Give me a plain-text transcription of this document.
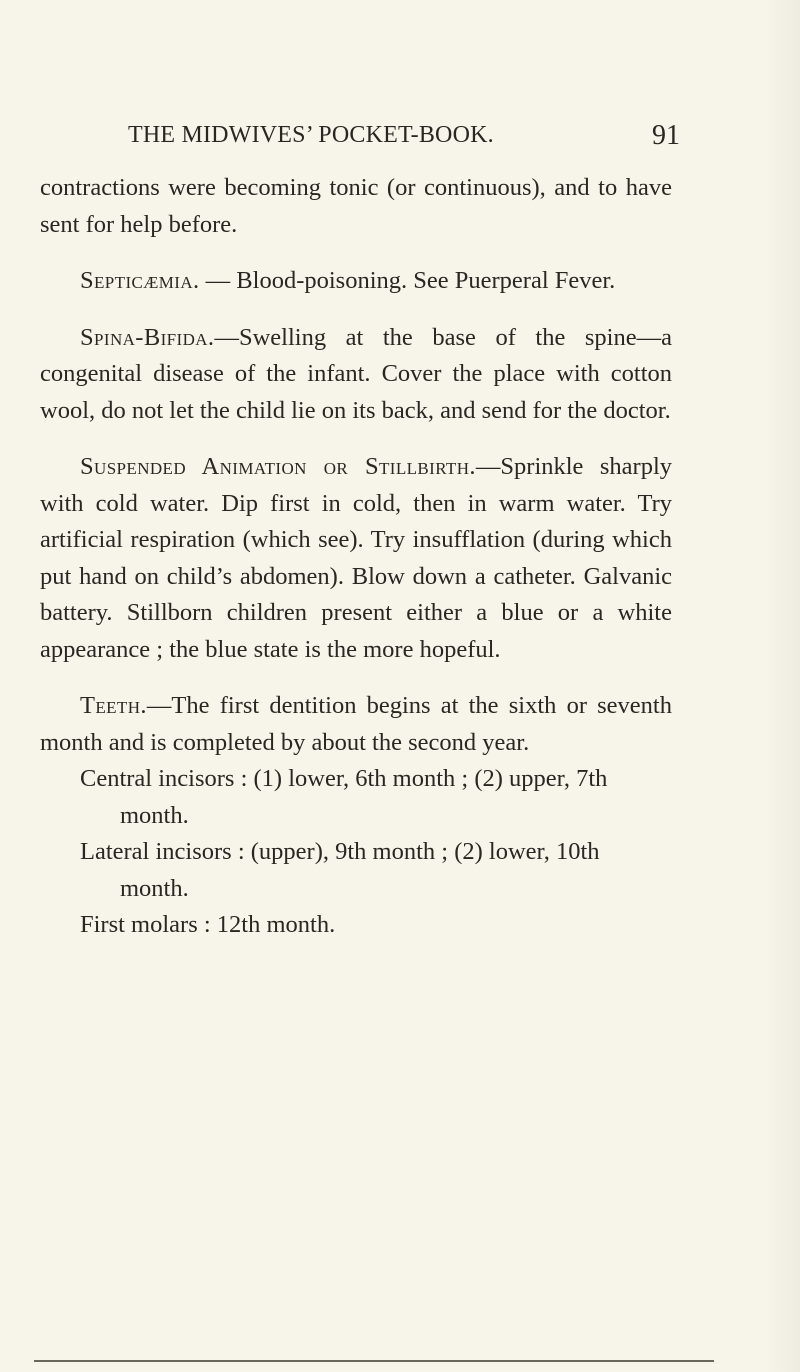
THE MIDWIVES’ POCKET-BOOK.	91

contractions were becoming tonic (or continuous), and to have sent for help before.

Septicæmia. — Blood-poisoning. See Puerperal Fever.

Spina-Bifida.—Swelling at the base of the spine—a congenital disease of the infant. Cover the place with cotton wool, do not let the child lie on its back, and send for the doctor.

Suspended Animation or Stillbirth.—Sprinkle sharply with cold water. Dip first in cold, then in warm water. Try artificial respiration (which see). Try insufflation (during which put hand on child’s abdomen). Blow down a catheter. Galvanic battery. Stillborn children present either a blue or a white appearance ; the blue state is the more hopeful.

Teeth.—The first dentition begins at the sixth or seventh month and is completed by about the second year.

Central incisors : (1) lower, 6th month ; (2) upper, 7th month.

Lateral incisors : (upper), 9th month ; (2) lower, 10th month.

First molars : 12th month.
